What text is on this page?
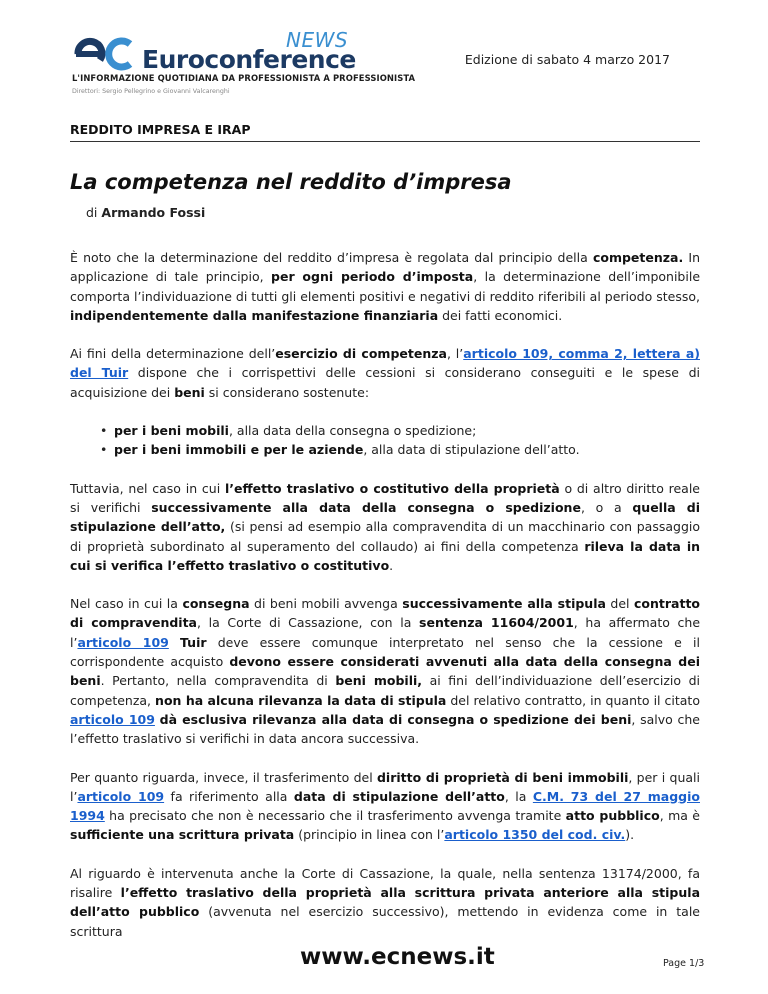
NEWS
Euroconference
L'INFORMAZIONE QUOTIDIANA DA PROFESSIONISTA A PROFESSIONISTA
Direttori: Sergio Pellegrino e Giovanni Valcarenghi
Edizione di sabato 4 marzo 2017
REDDITO IMPRESA E IRAP
La competenza nel reddito d’impresa
di Armando Fossi

È noto che la determinazione del reddito d’impresa è regolata dal principio della competenza. In applicazione di tale principio, per ogni periodo d’imposta, la determinazione dell’imponibile comporta l’individuazione di tutti gli elementi positivi e negativi di reddito riferibili al periodo stesso, indipendentemente dalla manifestazione finanziaria dei fatti economici.

Ai fini della determinazione dell’esercizio di competenza, l’articolo 109, comma 2, lettera a) del Tuir dispone che i corrispettivi delle cessioni si considerano conseguiti e le spese di acquisizione dei beni si considerano sostenute:

• per i beni mobili, alla data della consegna o spedizione;
• per i beni immobili e per le aziende, alla data di stipulazione dell’atto.

Tuttavia, nel caso in cui l’effetto traslativo o costitutivo della proprietà o di altro diritto reale si verifichi successivamente alla data della consegna o spedizione, o a quella di stipulazione dell’atto, (si pensi ad esempio alla compravendita di un macchinario con passaggio di proprietà subordinato al superamento del collaudo) ai fini della competenza rileva la data in cui si verifica l’effetto traslativo o costitutivo.

Nel caso in cui la consegna di beni mobili avvenga successivamente alla stipula del contratto di compravendita, la Corte di Cassazione, con la sentenza 11604/2001, ha affermato che l’articolo 109 Tuir deve essere comunque interpretato nel senso che la cessione e il corrispondente acquisto devono essere considerati avvenuti alla data della consegna dei beni. Pertanto, nella compravendita di beni mobili, ai fini dell’individuazione dell’esercizio di competenza, non ha alcuna rilevanza la data di stipula del relativo contratto, in quanto il citato articolo 109 dà esclusiva rilevanza alla data di consegna o spedizione dei beni, salvo che l’effetto traslativo si verifichi in data ancora successiva.

Per quanto riguarda, invece, il trasferimento del diritto di proprietà di beni immobili, per i quali l’articolo 109 fa riferimento alla data di stipulazione dell’atto, la C.M. 73 del 27 maggio 1994 ha precisato che non è necessario che il trasferimento avvenga tramite atto pubblico, ma è sufficiente una scrittura privata (principio in linea con l’articolo 1350 del cod. civ.).

Al riguardo è intervenuta anche la Corte di Cassazione, la quale, nella sentenza 13174/2000, fa risalire l’effetto traslativo della proprietà alla scrittura privata anteriore alla stipula dell’atto pubblico (avvenuta nel esercizio successivo), mettendo in evidenza come in tale scrittura

www.ecnews.it	Page 1/3
